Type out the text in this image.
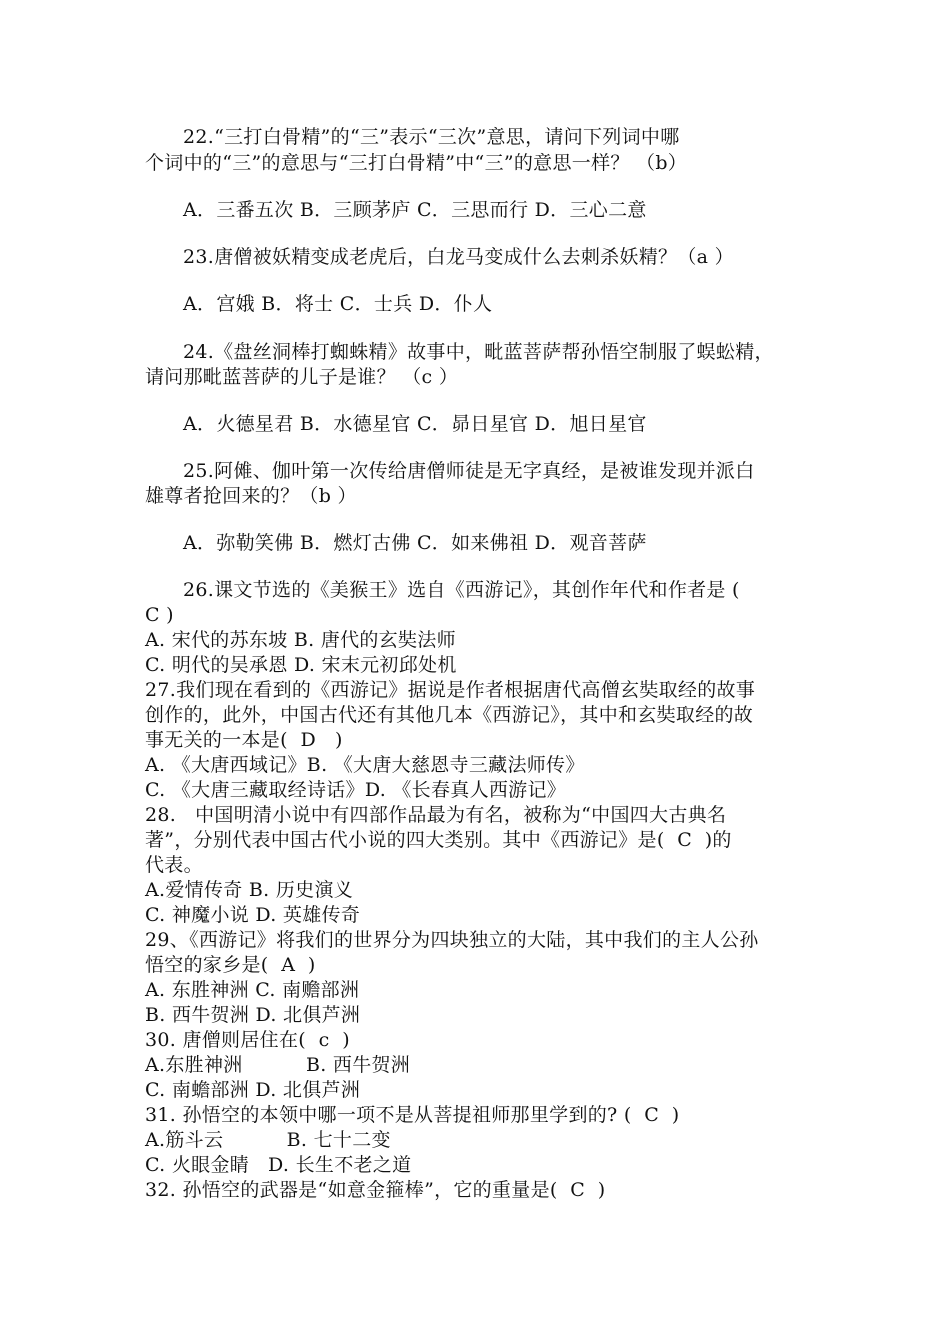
22.“三打白骨精”的“三”表示“三次”意思，请问下列词中哪

个词中的“三”的意思与“三打白骨精”中“三”的意思一样？ （b）

A．三番五次 B．三顾茅庐 C．三思而行 D．三心二意

23.唐僧被妖精变成老虎后，白龙马变成什么去刺杀妖精？（a ）

A．宫娥 B．将士 C．士兵 D．仆人

24.《盘丝洞棒打蜘蛛精》故事中，毗蓝菩萨帮孙悟空制服了蜈蚣精，

请问那毗蓝菩萨的儿子是谁？ （c ）

A．火德星君 B．水德星官 C．昴日星官 D．旭日星官

25.阿傩、伽叶第一次传给唐僧师徒是无字真经，是被谁发现并派白

雄尊者抢回来的？（b ）

A．弥勒笑佛 B．燃灯古佛 C．如来佛祖 D．观音菩萨

26.课文节选的《美猴王》选自《西游记》，其创作年代和作者是 (

C )

A. 宋代的苏东坡 B. 唐代的玄奘法师

C. 明代的吴承恩 D. 宋末元初邱处机

27.我们现在看到的《西游记》据说是作者根据唐代高僧玄奘取经的故事

创作的，此外，中国古代还有其他几本《西游记》，其中和玄奘取经的故

事无关的一本是(  D   )

A. 《大唐西域记》B. 《大唐大慈恩寺三藏法师传》

C. 《大唐三藏取经诗话》D. 《长春真人西游记》

28.   中国明清小说中有四部作品最为有名，被称为“中国四大古典名

著”，分别代表中国古代小说的四大类别。其中《西游记》是(  C  )的

代表。

A.爱情传奇 B. 历史演义

C. 神魔小说 D. 英雄传奇

29、《西游记》将我们的世界分为四块独立的大陆，其中我们的主人公孙

悟空的家乡是(  A  )

A. 东胜神洲 C. 南赡部洲

B. 西牛贺洲 D. 北俱芦洲

30. 唐僧则居住在(  c  )

A.东胜神洲          B. 西牛贺洲

C. 南蟾部洲 D. 北俱芦洲

31. 孙悟空的本领中哪一项不是从菩提祖师那里学到的? (  C  )

A.筋斗云          B. 七十二变

C. 火眼金睛   D. 长生不老之道

32. 孙悟空的武器是“如意金箍棒”，它的重量是(  C  )
